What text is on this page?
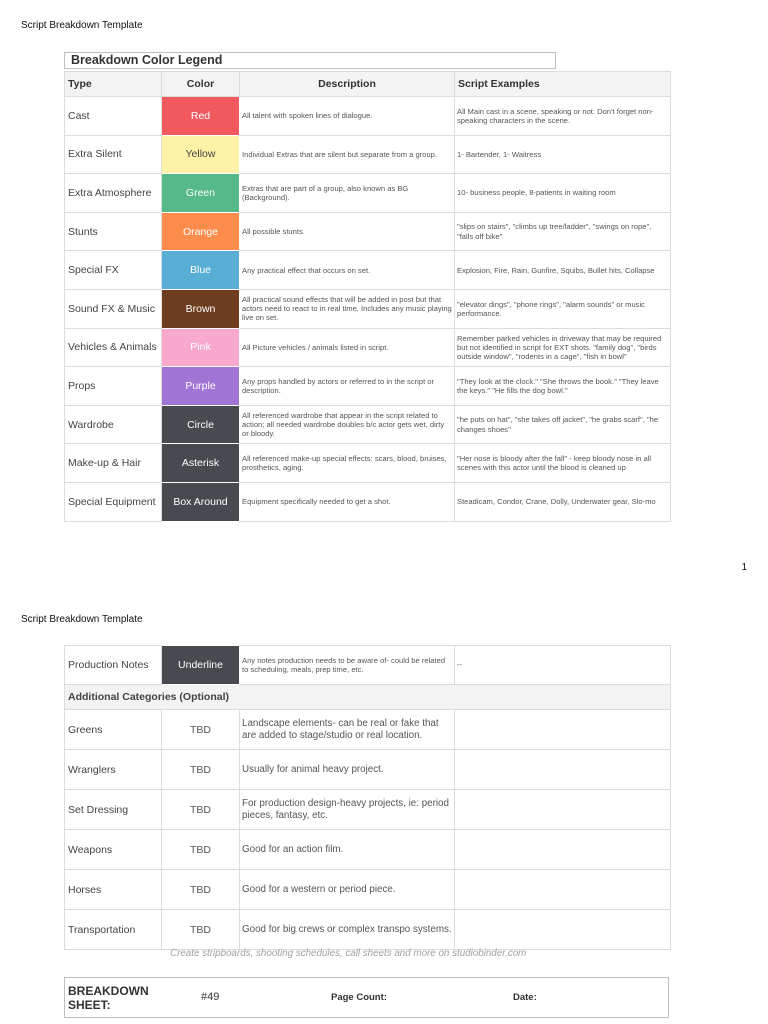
Script Breakdown Template
Breakdown Color Legend
Type	Color	Description	Script Examples
Cast	Red	All talent with spoken lines of dialogue.	All Main cast in a scene, speaking or not. Don't forget non-speaking characters in the scene.
Extra Silent	Yellow	Individual Extras that are silent but separate from a group.	1- Bartender, 1- Waitress
Extra Atmosphere	Green	Extras that are part of a group, also known as BG (Background).	10- business people, 8-patients in waiting room
Stunts	Orange	All possible stunts.	"slips on stairs", "climbs up tree/ladder", "swings on rope", "falls off bike"
Special FX	Blue	Any practical effect that occurs on set.	Explosion, Fire, Rain, Gunfire, Squibs, Bullet hits, Collapse
Sound FX & Music	Brown	All practical sound effects that will be added in post but that actors need to react to in real time. Includes any music playing live on set.	"elevator dings", "phone rings", "alarm sounds" or music performance.
Vehicles & Animals	Pink	All Picture vehicles / animals listed in script.	Remember parked vehicles in driveway that may be required but not identified in script for EXT shots. "family dog", "birds outside window", "rodents in a cage", "fish in bowl"
Props	Purple	Any props handled by actors or referred to in the script or description.	"They look at the clock." "She throws the book." "They leave the keys." "He fills the dog bowl."
Wardrobe	Circle	All referenced wardrobe that appear in the script related to action; all needed wardrobe doubles b/c actor gets wet, dirty or bloody.	"he puts on hat", "she takes off jacket", "he grabs scarf", "he changes shoes"
Make-up & Hair	Asterisk	All referenced make-up special effects: scars, blood, bruises, prosthetics, aging.	"Her nose is bloody after the fall" - keep bloody nose in all scenes with this actor until the blood is cleaned up
Special Equipment	Box Around	Equipment specifically needed to get a shot.	Steadicam, Condor, Crane, Dolly, Underwater gear, Slo-mo
1
Script Breakdown Template
Production Notes	Underline	Any notes production needs to be aware of- could be related to scheduling, meals, prep time, etc.	--
Additional Categories (Optional)			
Greens	TBD	Landscape elements- can be real or fake that are added to stage/studio or real location.	
Wranglers	TBD	Usually for animal heavy project.	
Set Dressing	TBD	For production design-heavy projects, ie: period pieces, fantasy, etc.	
Weapons	TBD	Good for an action film.	
Horses	TBD	Good for a western or period piece.	
Transportation	TBD	Good for big crews or complex transpo systems.	
Create stripboards, shooting schedules, call sheets and more on studiobinder.com
BREAKDOWN SHEET:
#49	Page Count:	Date:
